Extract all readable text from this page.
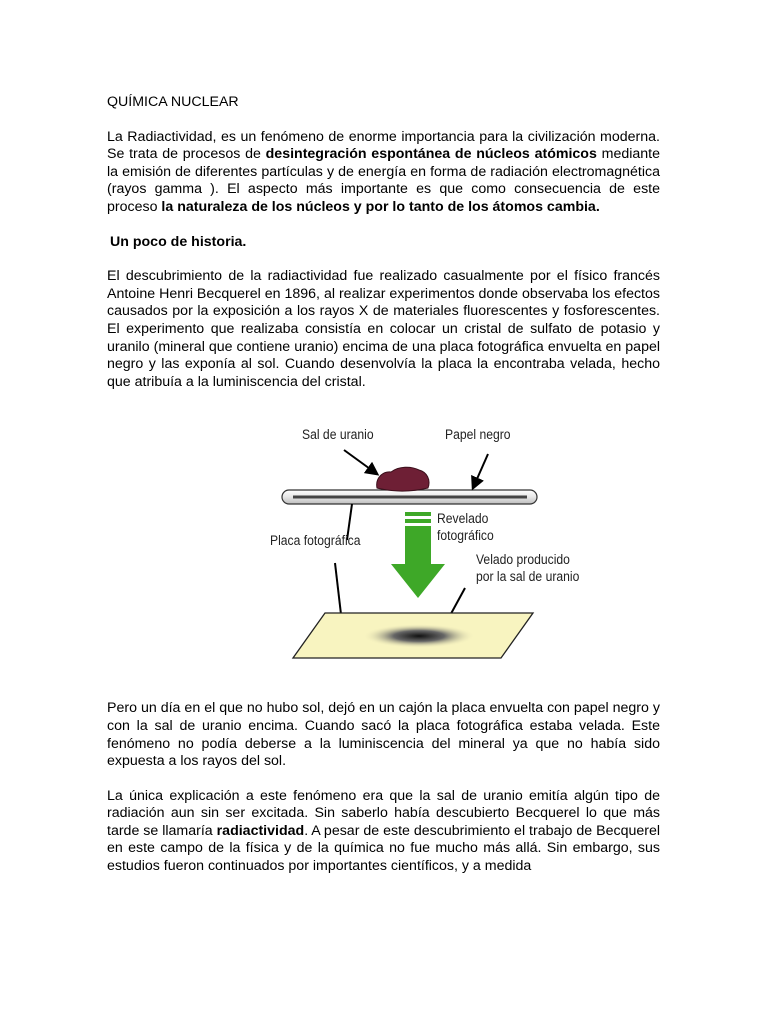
QUÍMICA NUCLEAR

La Radiactividad, es un fenómeno de enorme importancia para la civilización moderna. Se trata de procesos de desintegración espontánea de núcleos atómicos mediante la emisión de diferentes partículas y de energía en forma de radiación electromagnética (rayos gamma ). El aspecto más importante es que como consecuencia de este proceso la naturaleza de los núcleos y por lo tanto de los átomos cambia.

Un poco de historia.

El descubrimiento de la radiactividad fue realizado casualmente por el físico francés Antoine Henri Becquerel en 1896, al realizar experimentos donde observaba los efectos causados por la exposición a los rayos X de materiales fluorescentes y fosforescentes. El experimento que realizaba consistía en colocar un cristal de sulfato de potasio y uranilo (mineral que contiene uranio) encima de una placa fotográfica envuelta en papel negro y las exponía al sol. Cuando desenvolvía la placa la encontraba velada, hecho que atribuía a la luminiscencia del cristal.

Sal de uranio	Papel negro
Placa fotográfica
Revelado
fotográfico
Velado producido
por la sal de uranio

Pero un día en el que no hubo sol, dejó en un cajón la placa envuelta con papel negro y con la sal de uranio encima. Cuando sacó la placa fotográfica estaba velada. Este fenómeno no podía deberse a la luminiscencia del mineral ya que no había sido expuesta a los rayos del sol.

La única explicación a este fenómeno era que la sal de uranio emitía algún tipo de radiación aun sin ser excitada. Sin saberlo había descubierto Becquerel lo que más tarde se llamaría radiactividad. A pesar de este descubrimiento el trabajo de Becquerel en este campo de la física y de la química no fue mucho más allá. Sin embargo, sus estudios fueron continuados por importantes científicos, y a medida
